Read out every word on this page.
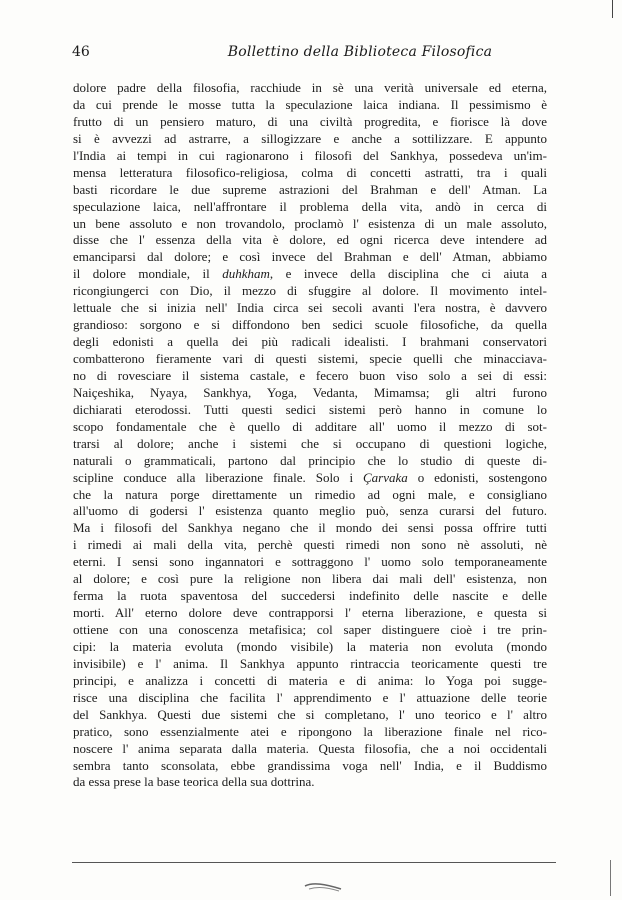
46	Bollettino della Biblioteca Filosofica
dolore padre della filosofia, racchiude in sè una verità universale ed eterna,
da cui prende le mosse tutta la speculazione laica indiana. Il pessimismo è
frutto di un pensiero maturo, di una civiltà progredita, e fiorisce là dove
si è avvezzi ad astrarre, a sillogizzare e anche a sottilizzare. E appunto
l'India ai tempi in cui ragionarono i filosofi del Sankhya, possedeva un'im-
mensa letteratura filosofico-religiosa, colma di concetti astratti, tra i quali
basti ricordare le due supreme astrazioni del Brahman e dell' Atman. La
speculazione laica, nell'affrontare il problema della vita, andò in cerca di
un bene assoluto e non trovandolo, proclamò l' esistenza di un male assoluto,
disse che l' essenza della vita è dolore, ed ogni ricerca deve intendere ad
emanciparsi dal dolore; e così invece del Brahman e dell' Atman, abbiamo
il dolore mondiale, il duhkham, e invece della disciplina che ci aiuta a
ricongiungerci con Dio, il mezzo di sfuggire al dolore. Il movimento intel-
lettuale che si inizia nell' India circa sei secoli avanti l'era nostra, è davvero
grandioso: sorgono e si diffondono ben sedici scuole filosofiche, da quella
degli edonisti a quella dei più radicali idealisti. I brahmani conservatori
combatterono fieramente vari di questi sistemi, specie quelli che minacciava-
no di rovesciare il sistema castale, e fecero buon viso solo a sei di essi:
Naiçeshika, Nyaya, Sankhya, Yoga, Vedanta, Mimamsa; gli altri furono
dichiarati eterodossi. Tutti questi sedici sistemi però hanno in comune lo
scopo fondamentale che è quello di additare all' uomo il mezzo di sot-
trarsi al dolore; anche i sistemi che si occupano di questioni logiche,
naturali o grammaticali, partono dal principio che lo studio di queste di-
scipline conduce alla liberazione finale. Solo i Çarvaka o edonisti, sostengono
che la natura porge direttamente un rimedio ad ogni male, e consigliano
all'uomo di godersi l' esistenza quanto meglio può, senza curarsi del futuro.
Ma i filosofi del Sankhya negano che il mondo dei sensi possa offrire tutti
i rimedi ai mali della vita, perchè questi rimedi non sono nè assoluti, nè
eterni. I sensi sono ingannatori e sottraggono l' uomo solo temporaneamente
al dolore; e così pure la religione non libera dai mali dell' esistenza, non
ferma la ruota spaventosa del succedersi indefinito delle nascite e delle
morti. All' eterno dolore deve contrapporsi l' eterna liberazione, e questa si
ottiene con una conoscenza metafisica; col saper distinguere cioè i tre prin-
cipi: la materia evoluta (mondo visibile) la materia non evoluta (mondo
invisibile) e l' anima. Il Sankhya appunto rintraccia teoricamente questi tre
principi, e analizza i concetti di materia e di anima: lo Yoga poi sugge-
risce una disciplina che facilita l' apprendimento e l' attuazione delle teorie
del Sankhya. Questi due sistemi che si completano, l' uno teorico e l' altro
pratico, sono essenzialmente atei e ripongono la liberazione finale nel rico-
noscere l' anima separata dalla materia. Questa filosofia, che a noi occidentali
sembra tanto sconsolata, ebbe grandissima voga nell' India, e il Buddismo
da essa prese la base teorica della sua dottrina.
